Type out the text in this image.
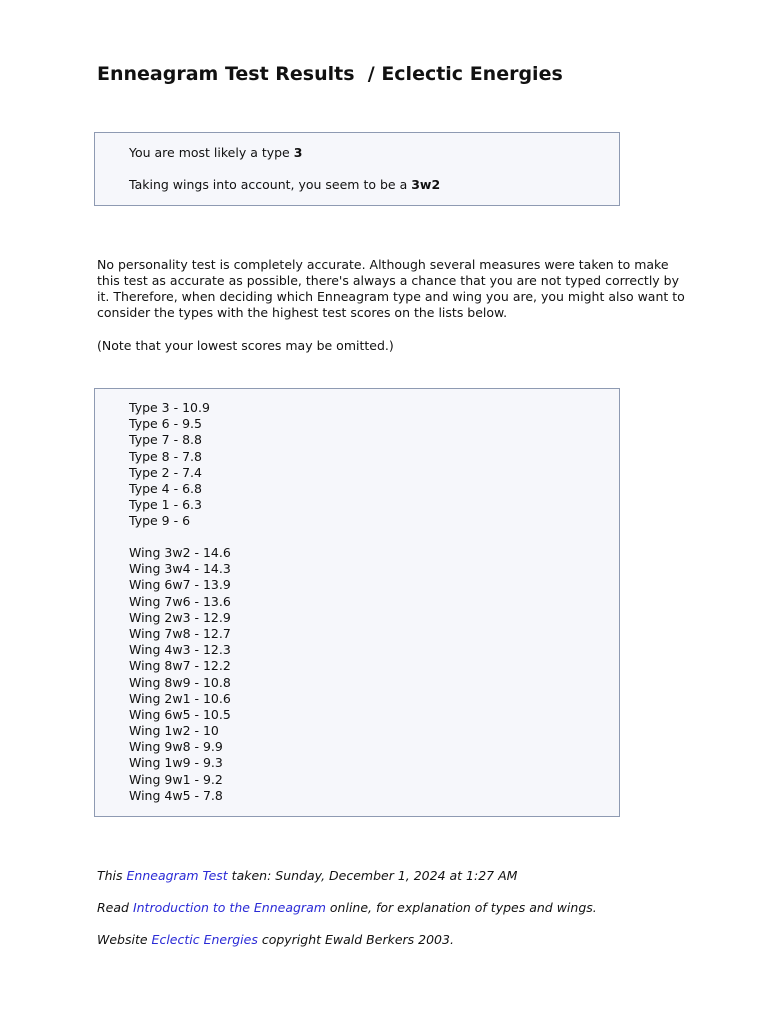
Enneagram Test Results  / Eclectic Energies

You are most likely a type 3

Taking wings into account, you seem to be a 3w2

No personality test is completely accurate. Although several measures were taken to make this test as accurate as possible, there's always a chance that you are not typed correctly by it. Therefore, when deciding which Enneagram type and wing you are, you might also want to consider the types with the highest test scores on the lists below.

(Note that your lowest scores may be omitted.)

Type 3 - 10.9
Type 6 - 9.5
Type 7 - 8.8
Type 8 - 7.8
Type 2 - 7.4
Type 4 - 6.8
Type 1 - 6.3
Type 9 - 6
Wing 3w2 - 14.6
Wing 3w4 - 14.3
Wing 6w7 - 13.9
Wing 7w6 - 13.6
Wing 2w3 - 12.9
Wing 7w8 - 12.7
Wing 4w3 - 12.3
Wing 8w7 - 12.2
Wing 8w9 - 10.8
Wing 2w1 - 10.6
Wing 6w5 - 10.5
Wing 1w2 - 10
Wing 9w8 - 9.9
Wing 1w9 - 9.3
Wing 9w1 - 9.2
Wing 4w5 - 7.8

This Enneagram Test taken: Sunday, December 1, 2024 at 1:27 AM

Read Introduction to the Enneagram online, for explanation of types and wings.

Website Eclectic Energies copyright Ewald Berkers 2003.
